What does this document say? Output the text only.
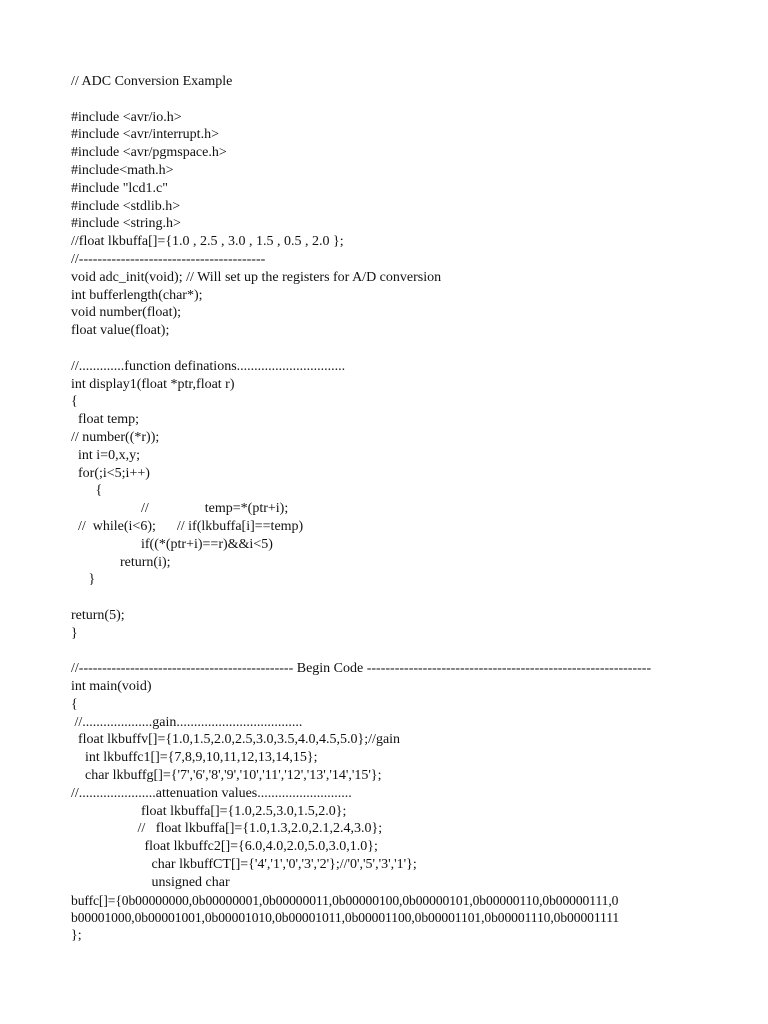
// ADC Conversion Example
#include <avr/io.h>
#include <avr/interrupt.h>
#include <avr/pgmspace.h>
#include<math.h>
#include "lcd1.c"
#include <stdlib.h>
#include <string.h>
//float lkbuffa[]={1.0 , 2.5 , 3.0 , 1.5 , 0.5 , 2.0 };
//----------------------------------------
void adc_init(void); // Will set up the registers for A/D conversion
int bufferlength(char*);
void number(float);
float value(float);
//.............function definations...............................
int display1(float *ptr,float r)
{
float temp;
// number((*r));
int i=0,x,y;
for(;i<5;i++)
{
//                temp=*(ptr+i);
//  while(i<6);      // if(lkbuffa[i]==temp)
if((*(ptr+i)==r)&&i<5)
return(i);
}
return(5);
}
//---------------------------------------------- Begin Code -------------------------------------------------------------
int main(void)
{
//....................gain....................................
float lkbuffv[]={1.0,1.5,2.0,2.5,3.0,3.5,4.0,4.5,5.0};//gain
int lkbuffc1[]={7,8,9,10,11,12,13,14,15};
char lkbuffg[]={'7','6','8','9','10','11','12','13','14','15'};
//......................attenuation values...........................
float lkbuffa[]={1.0,2.5,3.0,1.5,2.0};
//   float lkbuffa[]={1.0,1.3,2.0,2.1,2.4,3.0};
float lkbuffc2[]={6.0,4.0,2.0,5.0,3.0,1.0};
char lkbuffCT[]={'4','1','0','3','2'};//'0','5','3','1'};
unsigned char
buffc[]={0b00000000,0b00000001,0b00000011,0b00000100,0b00000101,0b00000110,0b00000111,0
b00001000,0b00001001,0b00001010,0b00001011,0b00001100,0b00001101,0b00001110,0b00001111
};
